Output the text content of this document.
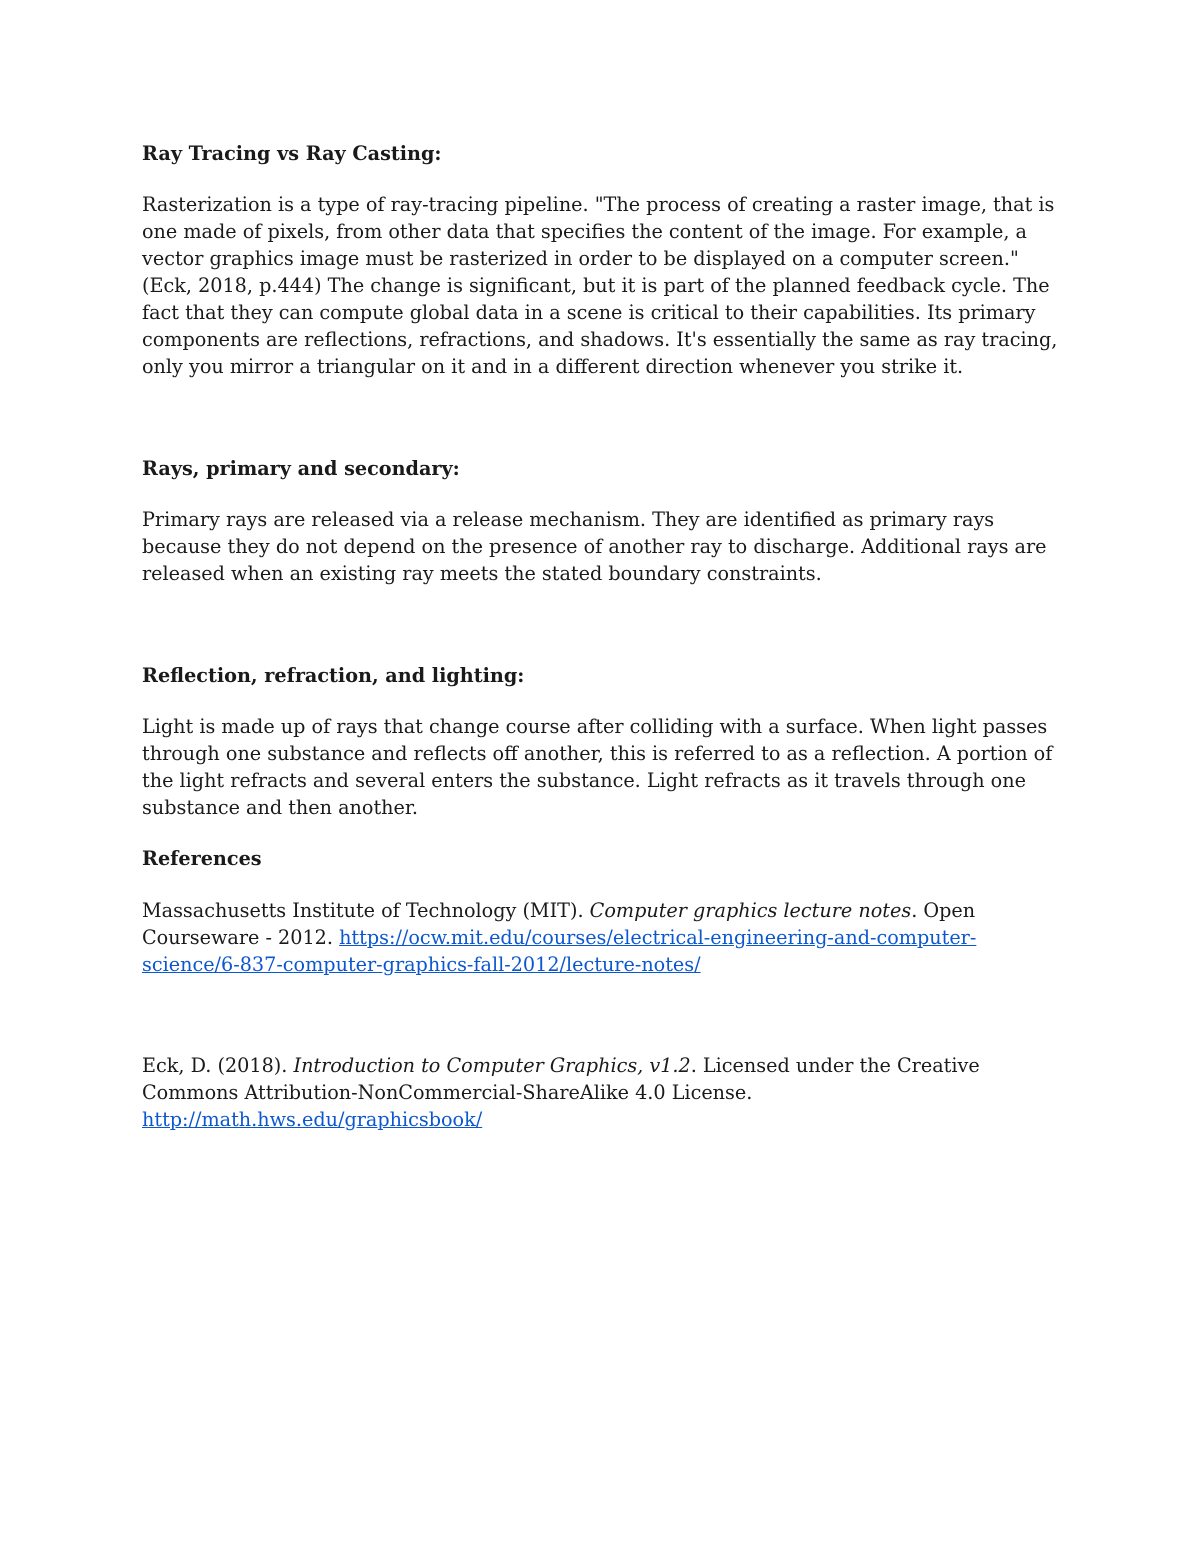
Ray Tracing vs Ray Casting:

Rasterization is a type of ray-tracing pipeline. "The process of creating a raster image, that is one made of pixels, from other data that specifies the content of the image. For example, a vector graphics image must be rasterized in order to be displayed on a computer screen." (Eck, 2018, p.444) The change is significant, but it is part of the planned feedback cycle. The fact that they can compute global data in a scene is critical to their capabilities. Its primary components are reflections, refractions, and shadows. It's essentially the same as ray tracing, only you mirror a triangular on it and in a different direction whenever you strike it.

Rays, primary and secondary:

Primary rays are released via a release mechanism. They are identified as primary rays because they do not depend on the presence of another ray to discharge. Additional rays are released when an existing ray meets the stated boundary constraints.

Reflection, refraction, and lighting:

Light is made up of rays that change course after colliding with a surface. When light passes through one substance and reflects off another, this is referred to as a reflection. A portion of the light refracts and several enters the substance. Light refracts as it travels through one substance and then another.

References

Massachusetts Institute of Technology (MIT). Computer graphics lecture notes. Open Courseware - 2012. https://ocw.mit.edu/courses/electrical-engineering-and-computer-science/6-837-computer-graphics-fall-2012/lecture-notes/

Eck, D. (2018). Introduction to Computer Graphics, v1.2. Licensed under the Creative Commons Attribution-NonCommercial-ShareAlike 4.0 License. http://math.hws.edu/graphicsbook/
